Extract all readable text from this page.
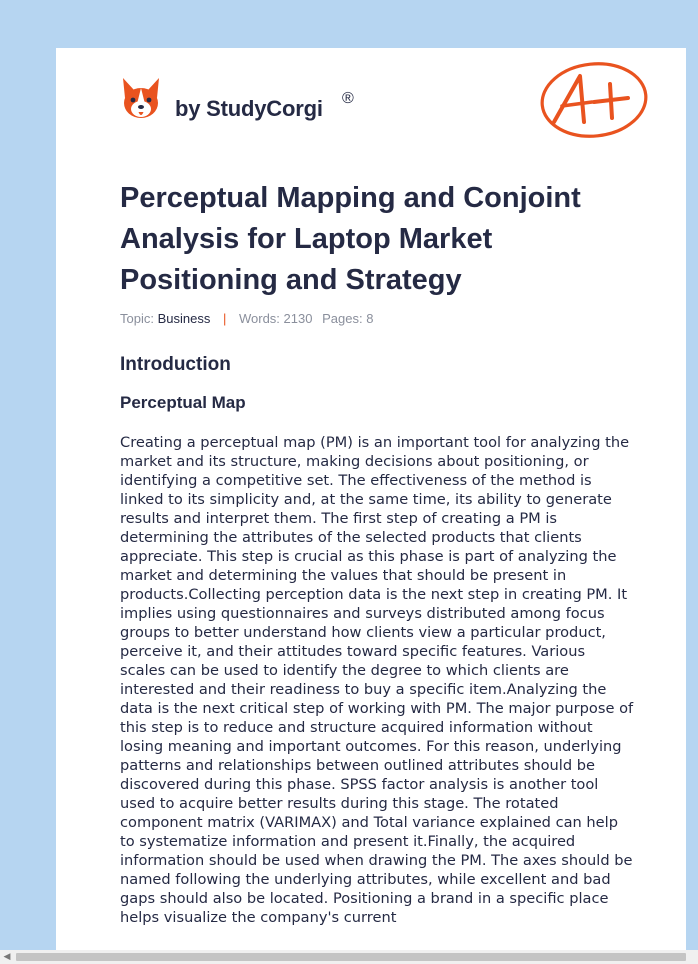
by StudyCorgi ®
Perceptual Mapping and Conjoint Analysis for Laptop Market Positioning and Strategy
Topic: Business | Words: 2130 Pages: 8
Introduction
Perceptual Map

Creating a perceptual map (PM) is an important tool for analyzing the market and its structure, making decisions about positioning, or identifying a competitive set. The effectiveness of the method is linked to its simplicity and, at the same time, its ability to generate results and interpret them. The first step of creating a PM is determining the attributes of the selected products that clients appreciate. This step is crucial as this phase is part of analyzing the market and determining the values that should be present in products.Collecting perception data is the next step in creating PM. It implies using questionnaires and surveys distributed among focus groups to better understand how clients view a particular product, perceive it, and their attitudes toward specific features. Various scales can be used to identify the degree to which clients are interested and their readiness to buy a specific item.Analyzing the data is the next critical step of working with PM. The major purpose of this step is to reduce and structure acquired information without losing meaning and important outcomes. For this reason, underlying patterns and relationships between outlined attributes should be discovered during this phase. SPSS factor analysis is another tool used to acquire better results during this stage. The rotated component matrix (VARIMAX) and Total variance explained can help to systematize information and present it.Finally, the acquired information should be used when drawing the PM. The axes should be named following the underlying attributes, while excellent and bad gaps should also be located. Positioning a brand in a specific place helps visualize the company's current

◀
